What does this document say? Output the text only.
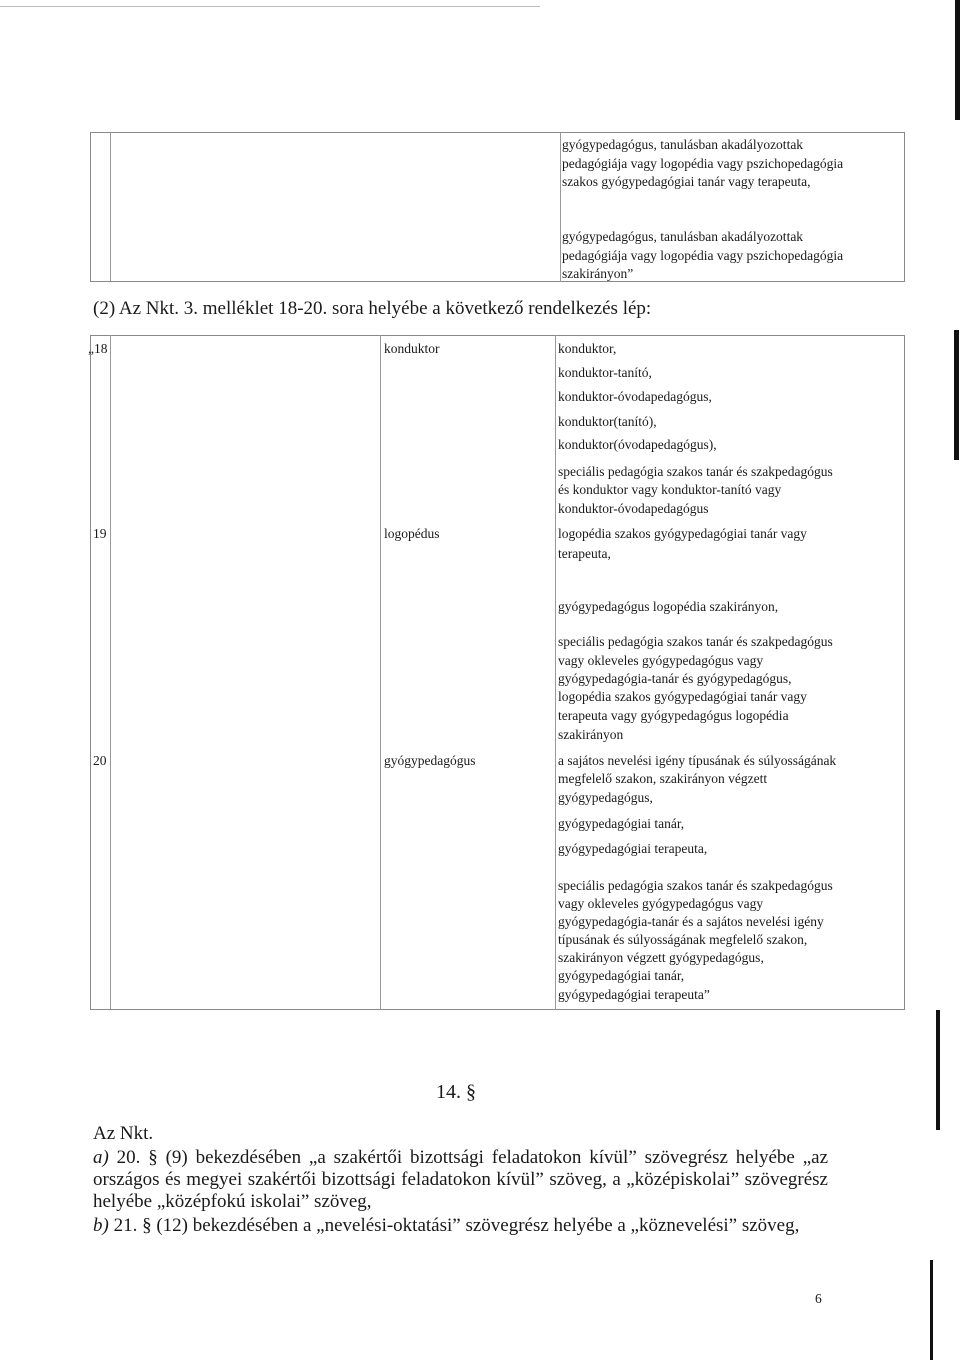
gyógypedagógus, tanulásban akadályozottak
pedagógiája vagy logopédia vagy pszichopedagógia
szakos gyógypedagógiai tanár vagy terapeuta,
gyógypedagógus, tanulásban akadályozottak
pedagógiája vagy logopédia vagy pszichopedagógia
szakirányon”
(2) Az Nkt. 3. melléklet 18-20. sora helyébe a következő rendelkezés lép:
„18	konduktor	konduktor,
konduktor-tanító,
konduktor-óvodapedagógus,
konduktor(tanító),
konduktor(óvodapedagógus),
speciális pedagógia szakos tanár és szakpedagógus
és konduktor vagy konduktor-tanító vagy
konduktor-óvodapedagógus
19	logopédus	logopédia szakos gyógypedagógiai tanár vagy
terapeuta,
gyógypedagógus logopédia szakirányon,
speciális pedagógia szakos tanár és szakpedagógus
vagy okleveles gyógypedagógus vagy
gyógypedagógia-tanár és gyógypedagógus,
logopédia szakos gyógypedagógiai tanár vagy
terapeuta vagy gyógypedagógus logopédia
szakirányon
20	gyógypedagógus	a sajátos nevelési igény típusának és súlyosságának
megfelelő szakon, szakirányon végzett
gyógypedagógus,
gyógypedagógiai tanár,
gyógypedagógiai terapeuta,
speciális pedagógia szakos tanár és szakpedagógus
vagy okleveles gyógypedagógus vagy
gyógypedagógia-tanár és a sajátos nevelési igény
típusának és súlyosságának megfelelő szakon,
szakirányon végzett gyógypedagógus,
gyógypedagógiai tanár,
gyógypedagógiai terapeuta”
14. §
Az Nkt.
a) 20. § (9) bekezdésében „a szakértői bizottsági feladatokon kívül” szövegrész helyébe „az országos és megyei szakértői bizottsági feladatokon kívül” szöveg, a „középiskolai” szövegrész helyébe „középfokú iskolai” szöveg,
b) 21. § (12) bekezdésében a „nevelési-oktatási” szövegrész helyébe a „köznevelési” szöveg,
6
